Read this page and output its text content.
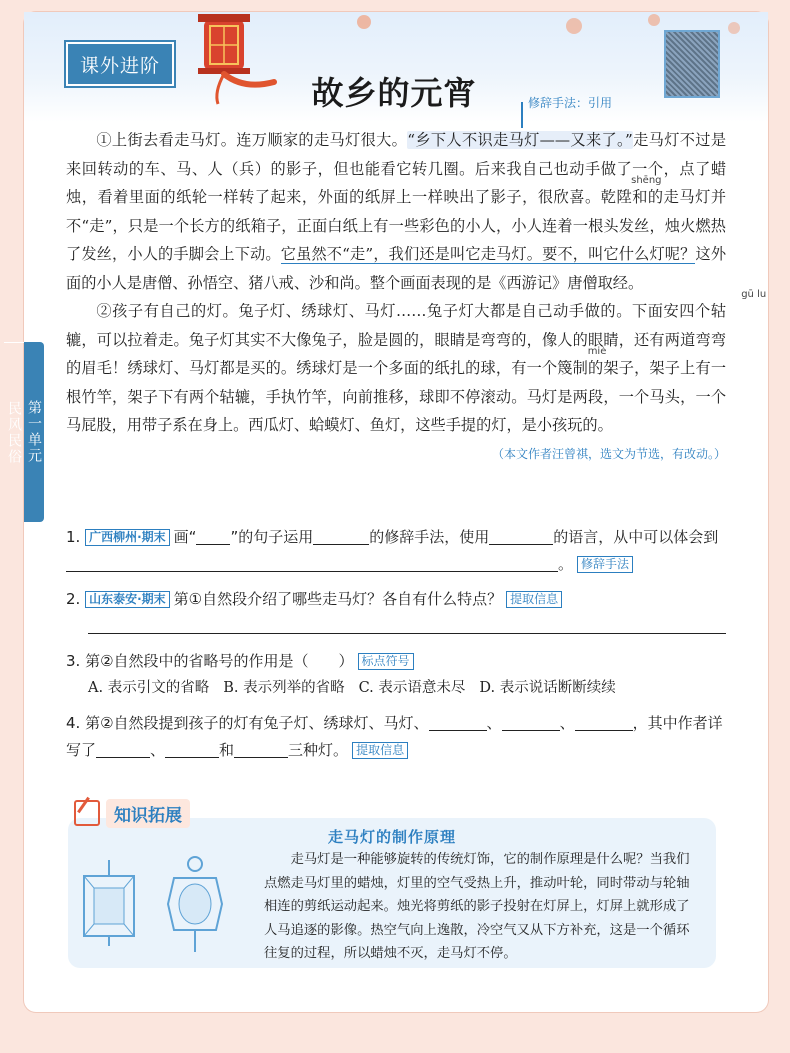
课外进阶
故乡的元宵	修辞手法：引用

①上街去看走马灯。连万顺家的走马灯很大。“乡下人不识走马灯——又来了。”走马灯不过是来回转动的车、马、人（兵）的影子，但也能看它转几圈。后来我自己也动手做了一个，点了蜡烛，看着里面的纸轮一样转了起来，外面的纸屏上一样映出了影子，很欣喜。
shēng
乾陞和的走马灯并不“走”，只是一个长方的纸箱子，正面白纸上有一些彩色的小人，小人连着一根头发丝，烛火燃热了发丝，小人的手脚会上下动。它虽然不“走”，我们还是叫它走马灯。要不，叫它什么灯呢？这外面的小人是唐僧、孙悟空、猪八戒、沙和尚。整个画面表现的是《西游记》唐僧取经。

②孩子有自己的灯。兔子灯、绣球灯、马灯……兔子灯大都是自己动手做的。下面安四个
gū lu
轱辘，可以拉着走。兔子灯其实不大像兔子，脸是圆的，眼睛是弯弯的，像人的眼睛，还有两道弯弯的眉毛！绣球灯、马灯都是买的。绣球灯是一个多面的纸扎的球，有一个
miè
篾制的架子，架子上有一根竹竿，架子下有两个轱辘，手执竹竿，向前推移，球即不停滚动。马灯是两段，一个马头，一个马屁股，用带子系在身上。西瓜灯、蛤蟆灯、鱼灯，这些手提的灯，是小孩玩的。
（本文作者汪曾祺，选文为节选，有改动。）

第一单元
民风民俗
1. 广西柳州·期末 画“ ”的句子运用	的修辞手法，使用	的语言，从中可以体会到。 修辞手法
2. 山东泰安·期末 第①自然段介绍了哪些走马灯？各自有什么特点？ 提取信息
3. 第②自然段中的省略号的作用是（　　） 标点符号
A. 表示引文的省略 B. 表示列举的省略 C. 表示语意未尽 D. 表示说话断断续续
4. 第②自然段提到孩子的灯有兔子灯、绣球灯、马灯、	、	、	，其中作者详写了	、	和	三种灯。 提取信息
走马灯的制作原理
走马灯是一种能够旋转的传统灯饰，它的制作原理是什么呢？当我们点燃走马灯里的蜡烛，灯里的空气受热上升，推动叶轮，同时带动与轮轴相连的剪纸运动起来。烛光将剪纸的影子投射在灯屏上，灯屏上就形成了人马追逐的影像。热空气向上逸散，冷空气又从下方补充，这是一个循环往复的过程，所以蜡烛不灭，走马灯不停。
知识拓展
